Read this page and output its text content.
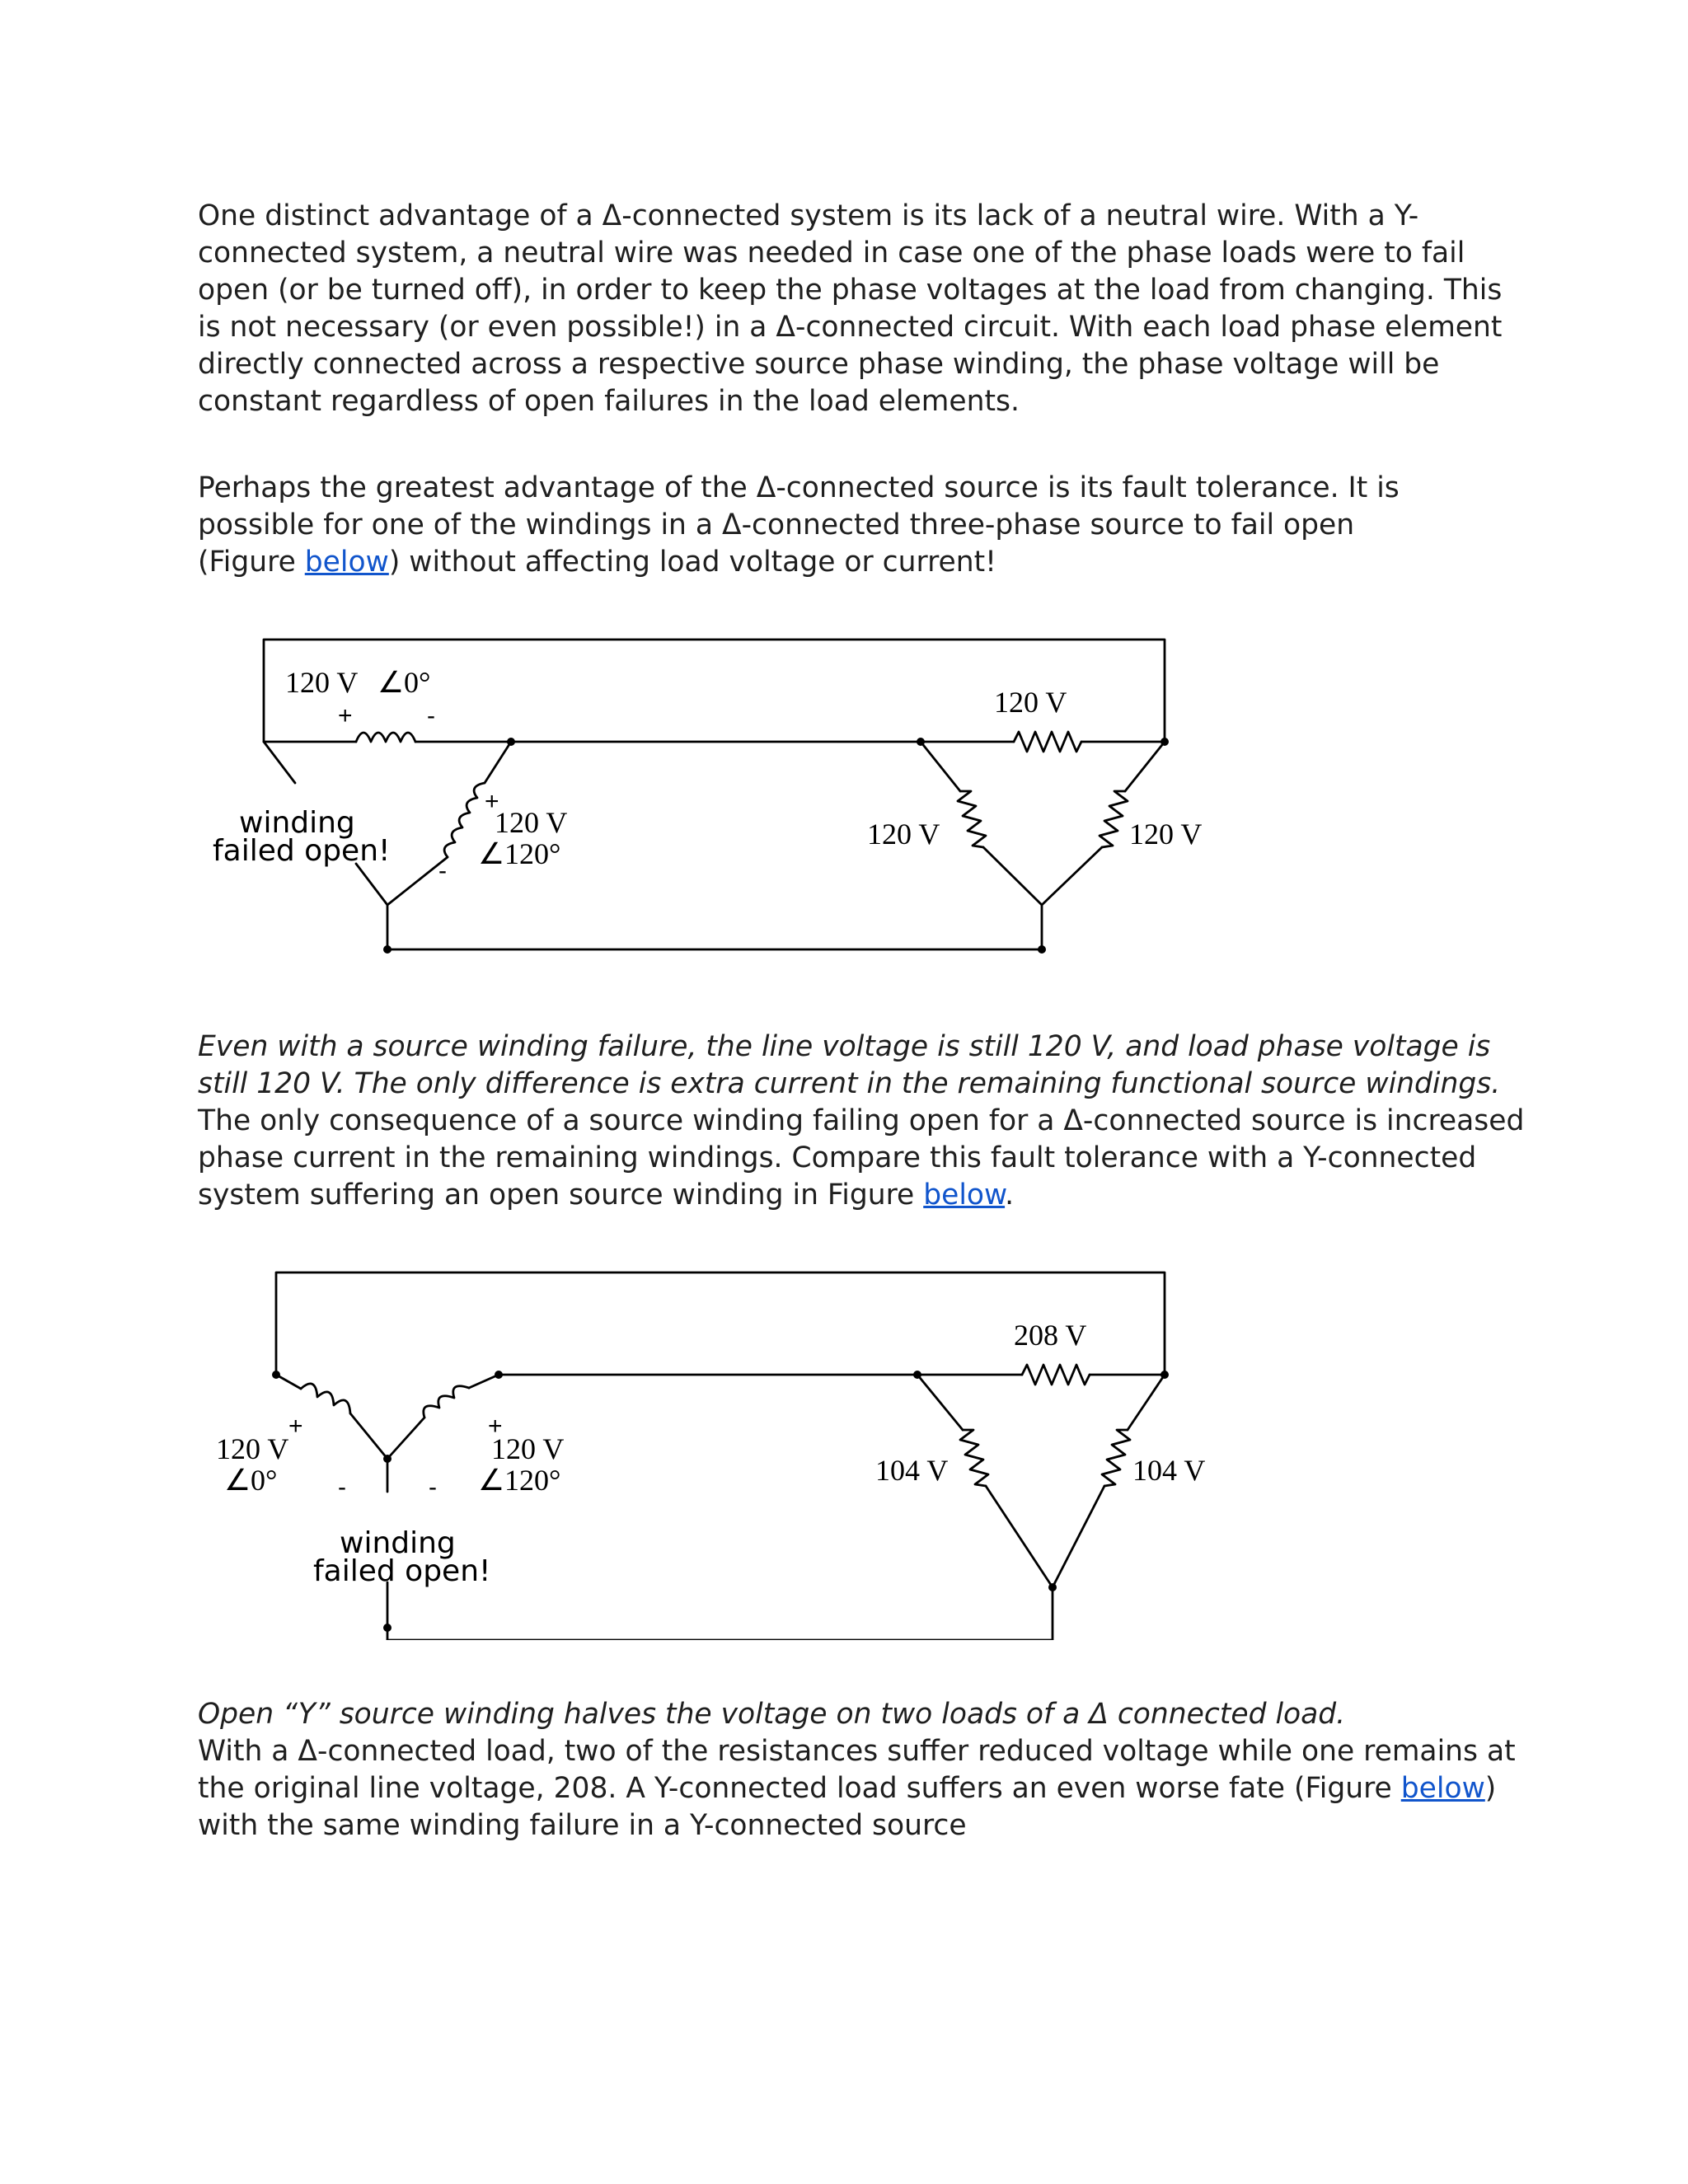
One distinct advantage of a Δ-connected system is its lack of a neutral wire. With a Y-
connected system, a neutral wire was needed in case one of the phase loads were to fail
open (or be turned off), in order to keep the phase voltages at the load from changing. This
is not necessary (or even possible!) in a Δ-connected circuit. With each load phase element
directly connected across a respective source phase winding, the phase voltage will be
constant regardless of open failures in the load elements.

Perhaps the greatest advantage of the Δ-connected source is its fault tolerance. It is
possible for one of the windings in a Δ-connected three-phase source to fail open
(Figure below) without affecting load voltage or current!

120 V ∠ 0°
+	-
winding
failed open!
+
-
120 V
∠ 120°
120 V
120 V	120 V

Even with a source winding failure, the line voltage is still 120 V, and load phase voltage is
still 120 V. The only difference is extra current in the remaining functional source windings.
The only consequence of a source winding failing open for a Δ-connected source is increased
phase current in the remaining windings. Compare this fault tolerance with a Y-connected
system suffering an open source winding in Figure below.

+
120 V
∠ 0° -	-
+
120 V
∠ 120°
winding
failed open!
208 V
104 V	104 V

Open “Y” source winding halves the voltage on two loads of a Δ connected load.
With a Δ-connected load, two of the resistances suffer reduced voltage while one remains at
the original line voltage, 208. A Y-connected load suffers an even worse fate (Figure below)
with the same winding failure in a Y-connected source
